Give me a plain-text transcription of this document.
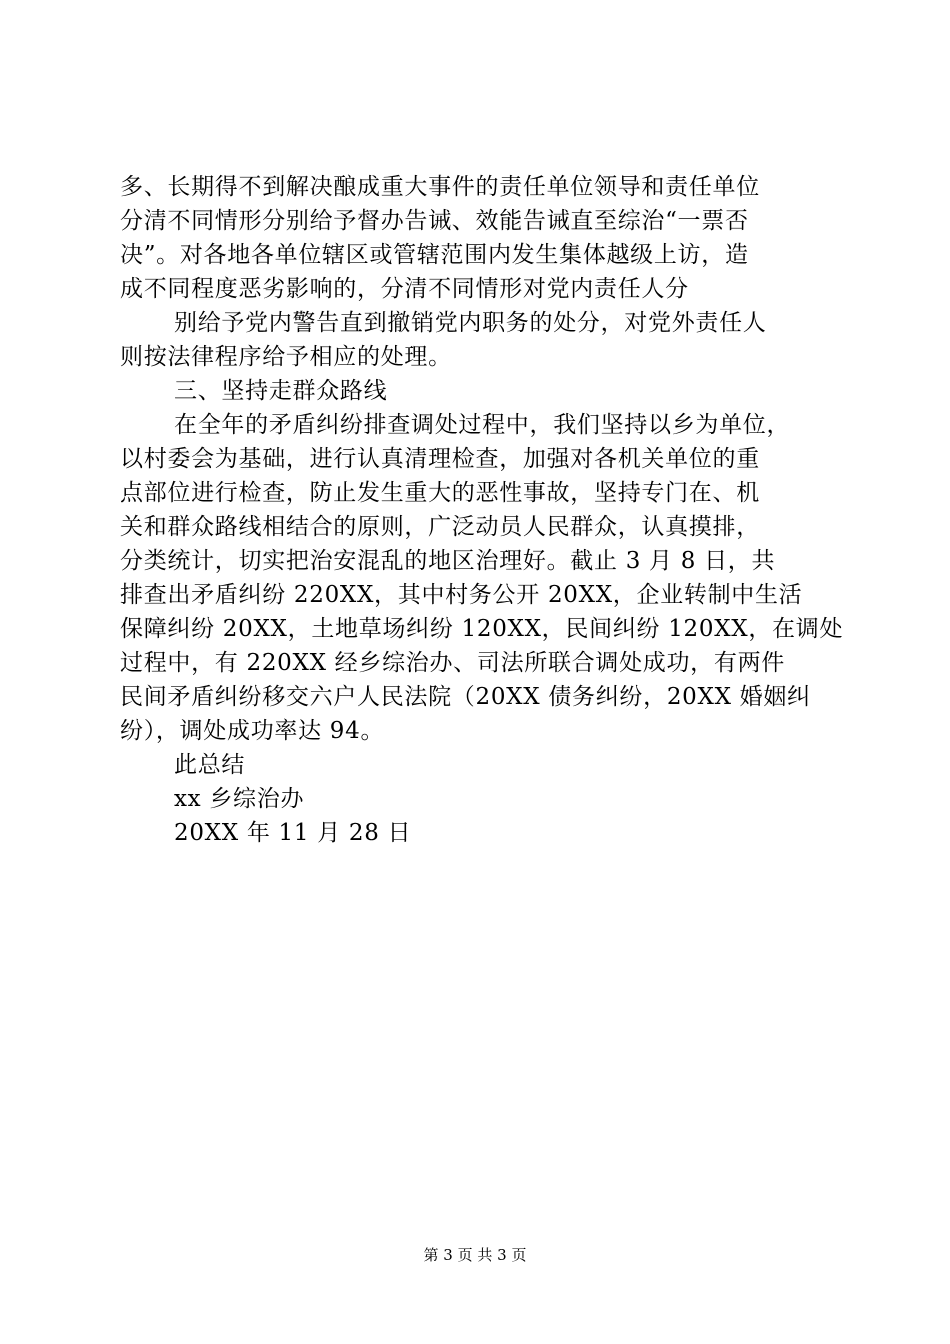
多、长期得不到解决酿成重大事件的责任单位领导和责任单位
分清不同情形分别给予督办告诫、效能告诫直至综治“一票否
决”。对各地各单位辖区或管辖范围内发生集体越级上访，造
成不同程度恶劣影响的，分清不同情形对党内责任人分
别给予党内警告直到撤销党内职务的处分，对党外责任人
则按法律程序给予相应的处理。
三、坚持走群众路线
在全年的矛盾纠纷排查调处过程中，我们坚持以乡为单位，
以村委会为基础，进行认真清理检查，加强对各机关单位的重
点部位进行检查，防止发生重大的恶性事故，坚持专门在、机
关和群众路线相结合的原则，广泛动员人民群众，认真摸排，
分类统计，切实把治安混乱的地区治理好。截止 3 月 8 日，共
排查出矛盾纠纷 220XX，其中村务公开 20XX，企业转制中生活
保障纠纷 20XX，土地草场纠纷 120XX，民间纠纷 120XX，在调处
过程中，有 220XX 经乡综治办、司法所联合调处成功，有两件
民间矛盾纠纷移交六户人民法院（20XX 债务纠纷，20XX 婚姻纠
纷），调处成功率达 94。
此总结
xx 乡综治办
20XX 年 11 月 28 日
第 3 页 共 3 页
